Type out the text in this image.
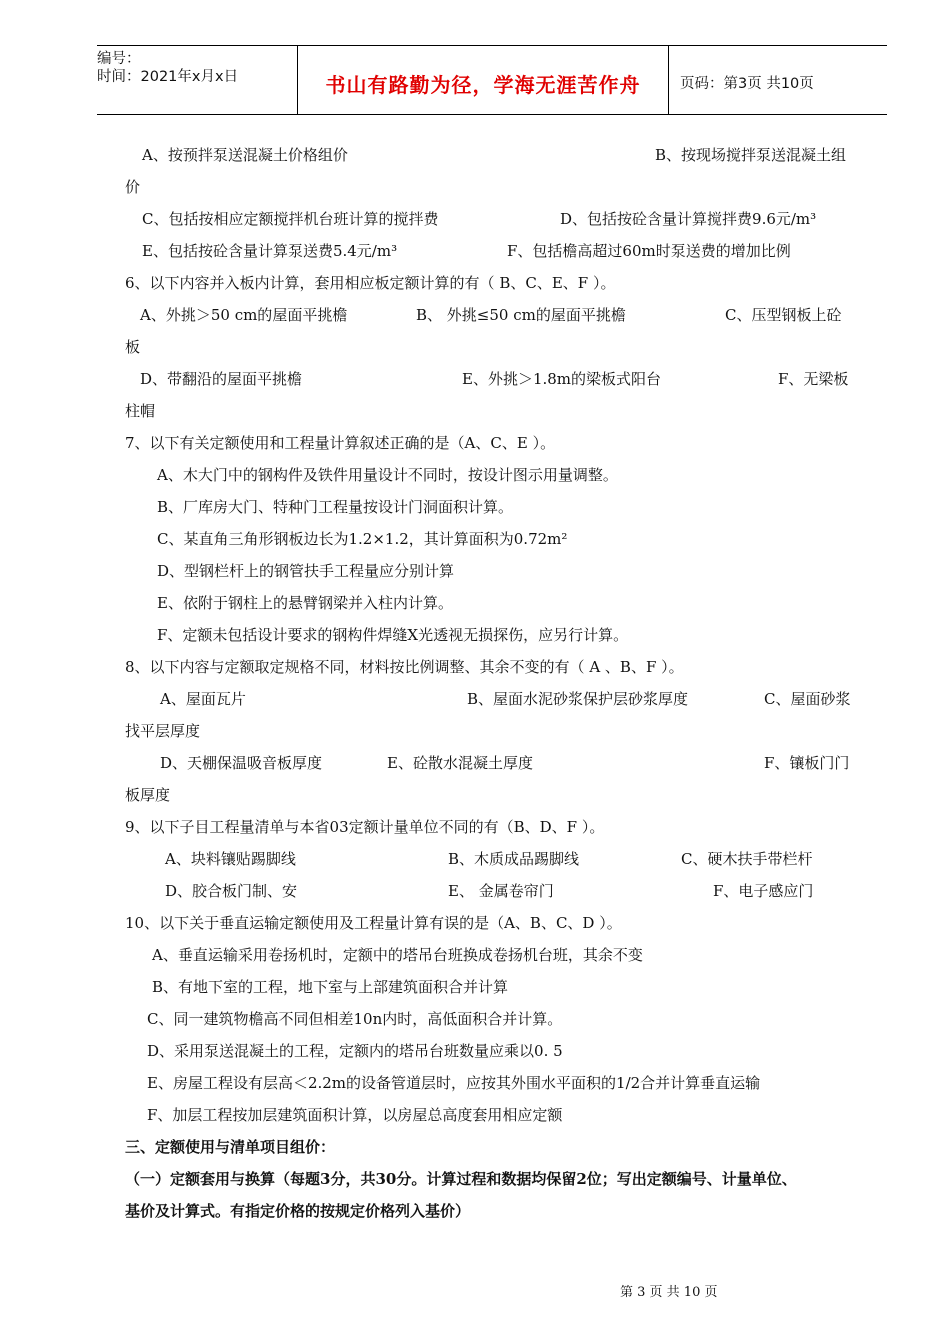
编号：
时间：2021年x月x日	书山有路勤为径，学海无涯苦作舟	页码：第3页 共10页
A、按预拌泵送混凝土价格组价	B、按现场搅拌泵送混凝土组
价
C、包括按相应定额搅拌机台班计算的搅拌费	D、包括按砼含量计算搅拌费9.6元/m³
E、包括按砼含量计算泵送费5.4元/m³	F、包括檐高超过60m时泵送费的增加比例
6、以下内容并入板内计算，套用相应板定额计算的有（ B、C、E、F ）。
A、外挑＞50 cm的屋面平挑檐	B、 外挑≤50 cm的屋面平挑檐	C、压型钢板上砼
板
D、带翻沿的屋面平挑檐	E、外挑＞1.8m的梁板式阳台	F、无梁板
柱帽
7、以下有关定额使用和工程量计算叙述正确的是（A、C、E ）。
A、木大门中的钢构件及铁件用量设计不同时，按设计图示用量调整。
B、厂库房大门、特种门工程量按设计门洞面积计算。
C、某直角三角形钢板边长为1.2×1.2，其计算面积为0.72m²
D、型钢栏杆上的钢管扶手工程量应分别计算
E、依附于钢柱上的悬臂钢梁并入柱内计算。
F、定额未包括设计要求的钢构件焊缝X光透视无损探伤，应另行计算。
8、以下内容与定额取定规格不同，材料按比例调整、其余不变的有（ A 、B、F ）。
A、屋面瓦片	B、屋面水泥砂浆保护层砂浆厚度	C、屋面砂浆
找平层厚度
D、天棚保温吸音板厚度	E、砼散水混凝土厚度	F、镶板门门
板厚度
9、以下子目工程量清单与本省03定额计量单位不同的有（B、D、F ）。
A、块料镶贴踢脚线	B、木质成品踢脚线	C、硬木扶手带栏杆
D、胶合板门制、安	E、 金属卷帘门	F、电子感应门
10、以下关于垂直运输定额使用及工程量计算有误的是（A、B、C、D ）。
A、垂直运输采用卷扬机时，定额中的塔吊台班换成卷扬机台班，其余不变
B、有地下室的工程，地下室与上部建筑面积合并计算
C、同一建筑物檐高不同但相差10n内时，高低面积合并计算。
D、采用泵送混凝土的工程，定额内的塔吊台班数量应乘以0. 5
E、房屋工程设有层高＜2.2m的设备管道层时，应按其外围水平面积的1/2合并计算垂直运输
F、加层工程按加层建筑面积计算，以房屋总高度套用相应定额
三、定额使用与清单项目组价：
（一）定额套用与换算（每题3分，共30分。计算过程和数据均保留2位；写出定额编号、计量单位、
基价及计算式。有指定价格的按规定价格列入基价）
第 3 页 共 10 页
